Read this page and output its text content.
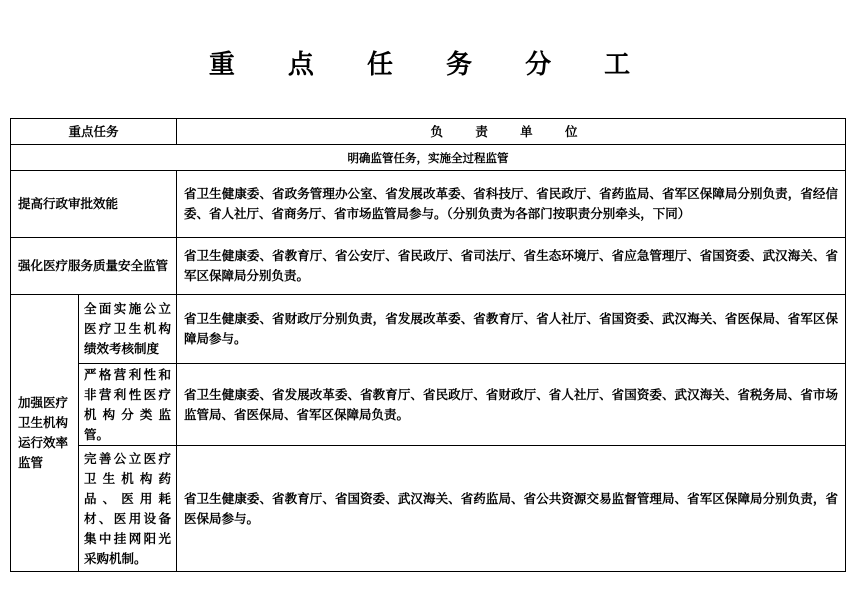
重 点 任 务 分 工
重点任务		负 责 单 位
明确监管任务，实施全过程监管		
提高行政审批效能		省卫生健康委、省政务管理办公室、省发展改革委、省科技厅、省民政厅、省药监局、省军区保障局分别负责，省经信委、省人社厅、省商务厅、省市场监管局参与。（分别负责为各部门按职责分别牵头，下同）
强化医疗服务质量安全监管		省卫生健康委、省教育厅、省公安厅、省民政厅、省司法厅、省生态环境厅、省应急管理厅、省国资委、武汉海关、省军区保障局分别负责。
加强医疗卫生机构运行效率监管	全面实施公立医疗卫生机构绩效考核制度	省卫生健康委、省财政厅分别负责，省发展改革委、省教育厅、省人社厅、省国资委、武汉海关、省医保局、省军区保障局参与。
	严格营利性和非营利性医疗机构分类监管。	省卫生健康委、省发展改革委、省教育厅、省民政厅、省财政厅、省人社厅、省国资委、武汉海关、省税务局、省市场监管局、省医保局、省军区保障局负责。
	完善公立医疗卫生机构药品、医用耗材、医用设备集中挂网阳光采购机制。	省卫生健康委、省教育厅、省国资委、武汉海关、省药监局、省公共资源交易监督管理局、省军区保障局分别负责，省医保局参与。
